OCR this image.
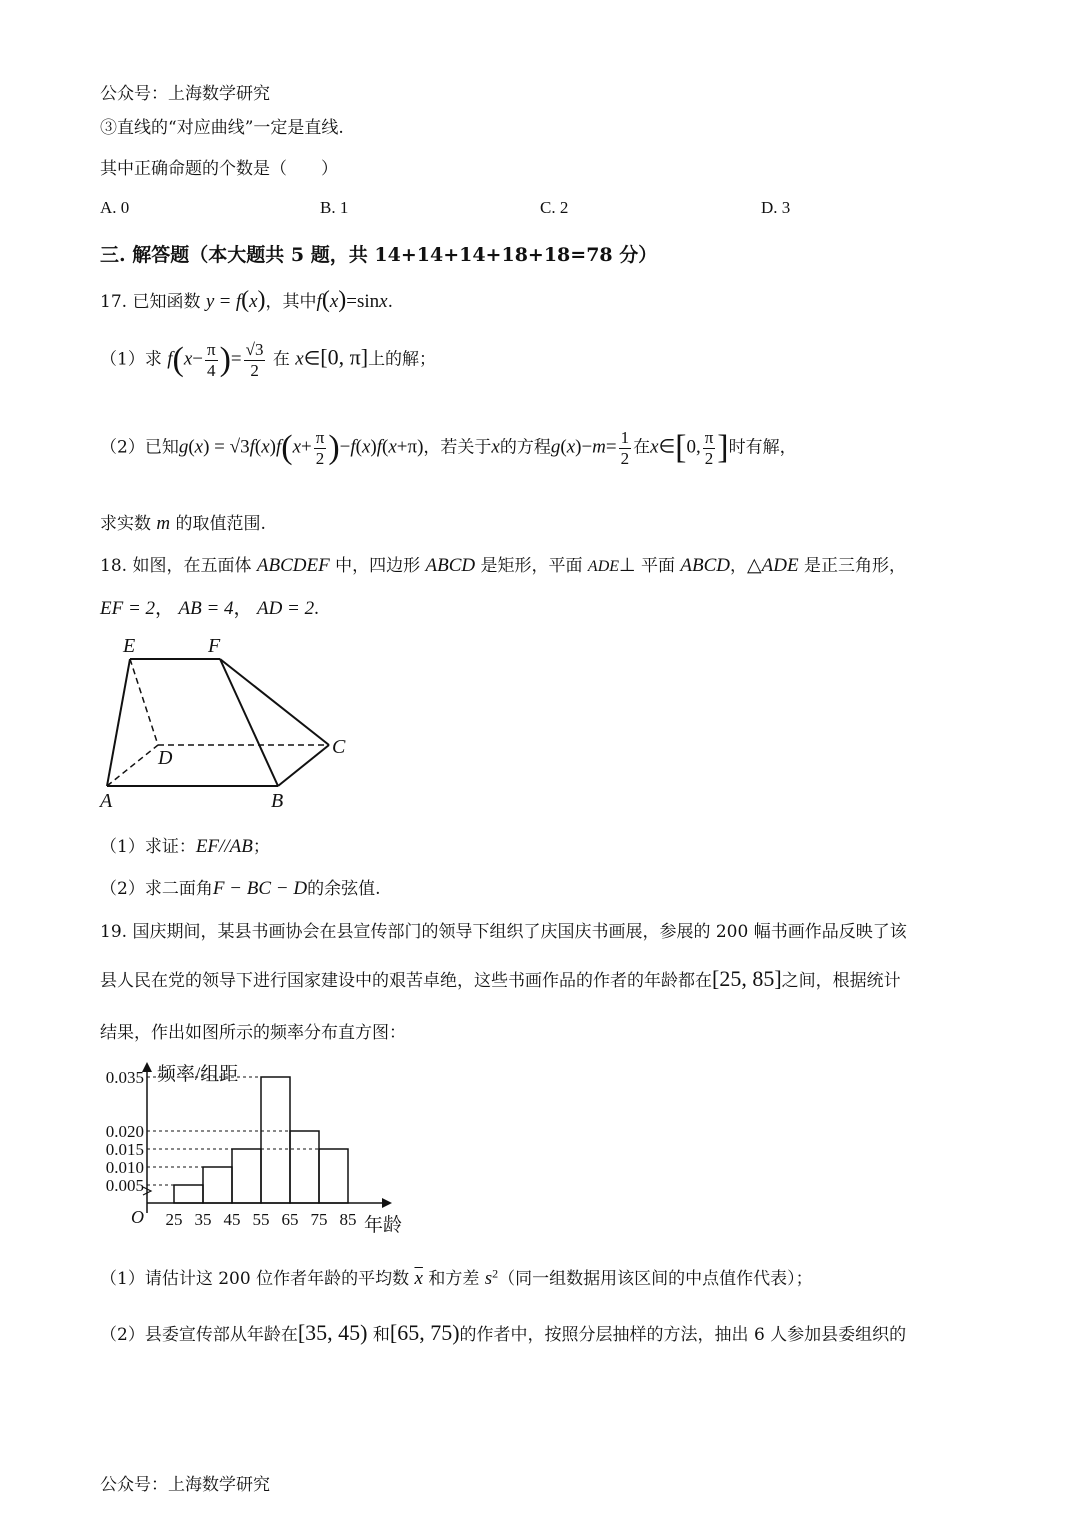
公众号：上海数学研究
③直线的“对应曲线”一定是直线.
其中正确命题的个数是（　　）
A. 0	B. 1	C. 2	D. 3
三. 解答题（本大题共 5 题，共 14+14+14+18+18=78 分）
17. 已知函数 y = f(x)，其中f(x)=sinx.
（1）求 $f(x- \frac{\pi}{4}$ )= $\frac{√3}{2}$ 在 x∈[0, π]上的解；
（2）已知$g(x) = √3f(x)f(x+ \frac{\pi}{2} )-f(x)f(x+\pi)$，若关于x的方程$g(x)-m= \frac{1}{2}$ 在x∈[0, $\frac{\pi}{2}$ ]时有解，
求实数 m 的取值范围.
18. 如图，在五面体 ABCDEF 中，四边形 ABCD 是矩形，平面 ADE⊥ 平面 ABCD，△ADE 是正三角形，
EF = 2， AB = 4， AD = 2.
E	F
D	C
A	B
（1）求证：EF//AB；
（2）求二面角F − BC − D的余弦值.
19. 国庆期间，某县书画协会在县宣传部门的领导下组织了庆国庆书画展，参展的 200 幅书画作品反映了该
县人民在党的领导下进行国家建设中的艰苦卓绝，这些书画作品的作者的年龄都在[25, 85]之间，根据统计
结果，作出如图所示的频率分布直方图：
0.005
0.010
0.015
0.020
0.035
25 35 45 55 65 75 85
O
频率/组距
年龄
（1）请估计这 200 位作者年龄的平均数 $\overline{x}$ 和方差 $s^2$（同一组数据用该区间的中点值作代表）；
（2）县委宣传部从年龄在[35, 45) 和[65, 75)的作者中，按照分层抽样的方法，抽出 6 人参加县委组织的
公众号：上海数学研究
